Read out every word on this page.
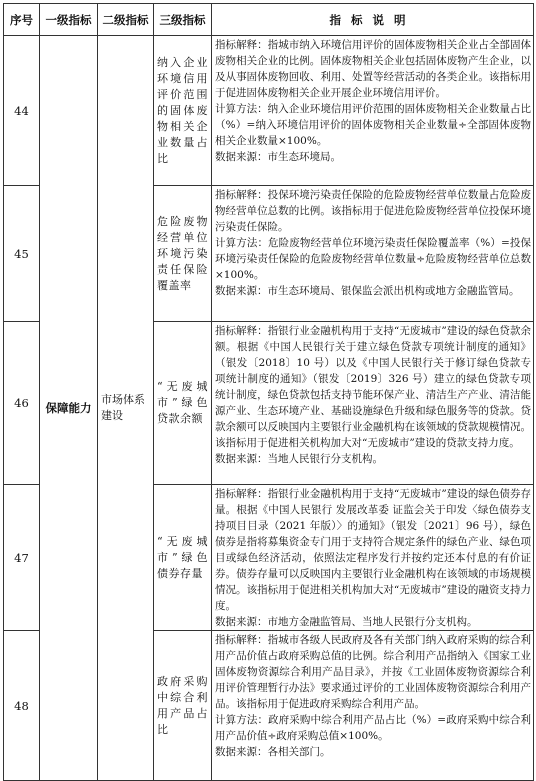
序号	一级指标	二级指标	三级指标	指标说明
44	保障能力	市场体系建设	纳入企业环境信用评价范围的固体废物相关企业数量占比	指标解释：指城市纳入环境信用评价的固体废物相关企业占全部固体废物相关企业的比例。固体废物相关企业包括固体废物产生企业，以及从事固体废物回收、利用、处置等经营活动的各类企业。该指标用于促进固体废物相关企业开展企业环境信用评价。

计算方法：纳入企业环境信用评价范围的固体废物相关企业数量占比（%）=纳入环境信用评价的固体废物相关企业数量÷全部固体废物相关企业数量×100%。

数据来源：市生态环境局。

45			危险废物经营单位环境污染责任保险覆盖率	指标解释：投保环境污染责任保险的危险废物经营单位数量占危险废物经营单位总数的比例。该指标用于促进危险废物经营单位投保环境污染责任保险。

计算方法：危险废物经营单位环境污染责任保险覆盖率（%）=投保环境污染责任保险的危险废物经营单位数量÷危险废物经营单位总数×100%。

数据来源：市生态环境局、银保监会派出机构或地方金融监管局。

46			“无废城市”绿色贷款余额	指标解释：指银行业金融机构用于支持“无废城市”建设的绿色贷款余额。根据《中国人民银行关于建立绿色贷款专项统计制度的通知》（银发〔2018〕10 号）以及《中国人民银行关于修订绿色贷款专项统计制度的通知》（银发〔2019〕326 号）建立的绿色贷款专项统计制度，绿色贷款包括支持节能环保产业、清洁生产产业、清洁能源产业、生态环境产业、基础设施绿色升级和绿色服务等的贷款。贷款余额可以反映国内主要银行业金融机构在该领域的贷款规模情况。该指标用于促进相关机构加大对“无废城市”建设的贷款支持力度。

数据来源：当地人民银行分支机构。

47			“无废城市”绿色债券存量	指标解释：指银行业金融机构用于支持“无废城市”建设的绿色债券存量。根据《中国人民银行 发展改革委 证监会关于印发〈绿色债券支持项目目录（2021 年版）〉的通知》（银发〔2021〕96 号），绿色债券是指将募集资金专门用于支持符合规定条件的绿色产业、绿色项目或绿色经济活动，依照法定程序发行并按约定还本付息的有价证券。债券存量可以反映国内主要银行业金融机构在该领域的市场规模情况。该指标用于促进相关机构加大对“无废城市”建设的融资支持力度。

数据来源：市地方金融监管局、当地人民银行分支机构。

48			政府采购中综合利用产品占比	指标解释：指城市各级人民政府及各有关部门纳入政府采购的综合利用产品价值占政府采购总值的比例。综合利用产品指纳入《国家工业固体废物资源综合利用产品目录》，并按《工业固体废物资源综合利用评价管理暂行办法》要求通过评价的工业固体废物资源综合利用产品。该指标用于促进政府采购综合利用产品。

计算方法：政府采购中综合利用产品占比（%）=政府采购中综合利用产品价值÷政府采购总值×100%。

数据来源：各相关部门。
